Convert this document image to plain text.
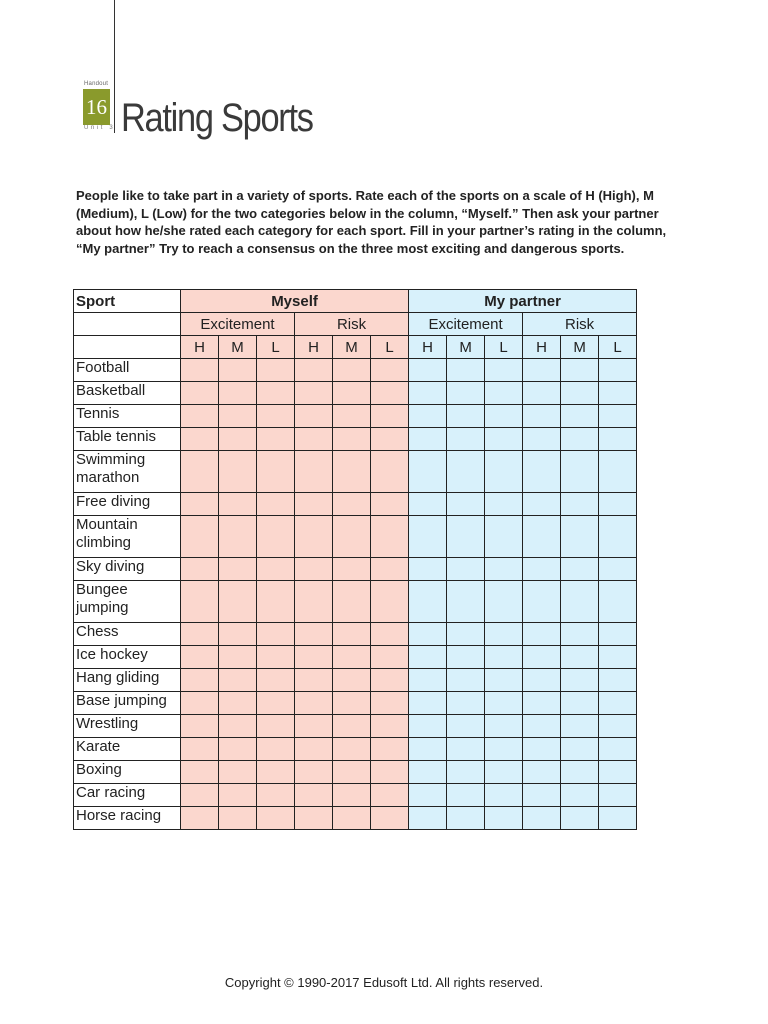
Handout
16
Unit 3 Rating Sports
People like to take part in a variety of sports. Rate each of the sports on a scale of H (High), M (Medium), L (Low) for the two categories below in the column, “Myself.” Then ask your partner about how he/she rated each category for each sport. Fill in your partner’s rating in the column, “My partner” Try to reach a consensus on the three most exciting and dangerous sports.
Sport	Myself						My partner					
	Excitement			Risk			Excitement			Risk		
	H	M	L	H	M	L	H	M	L	H	M	L

Football												

Basketball												

Tennis												

Table tennis												

Swimming
marathon												

Free diving												

Mountain
climbing												

Sky diving												

Bungee
jumping												

Chess												

Ice hockey												

Hang gliding												

Base jumping												

Wrestling												

Karate												

Boxing												

Car racing												

Horse racing												

Copyright © 1990-2017 Edusoft Ltd. All rights reserved.
